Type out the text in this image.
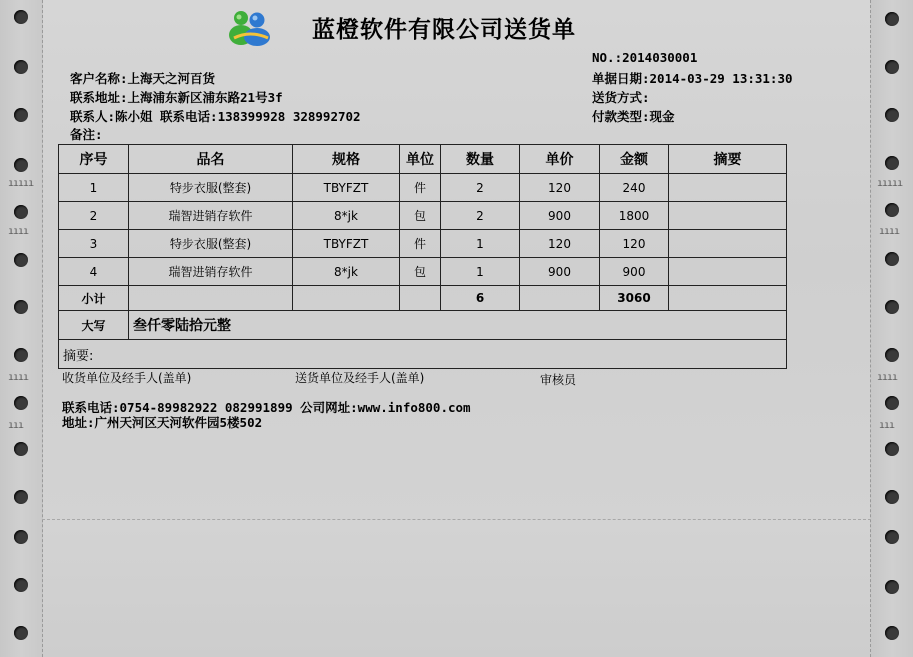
ııııı
ıııı
ıııı
ııı
ııııı
ıııı
ıııı
ııı
蓝橙软件有限公司送货单
NO.:2014030001
客户名称:上海天之河百货	单据日期:2014-03-29 13:31:30
联系地址:上海浦东新区浦东路21号3f	送货方式:
联系人:陈小姐 联系电话:138399928 328992702	付款类型:现金
备注:
序号	品名	规格	单位	数量	单价	金额	摘要
1	特步衣服(整套)	TBYFZT	件	2	120	240	
2	瑞智进销存软件	8*jk	包	2	900	1800	
3	特步衣服(整套)	TBYFZT	件	1	120	120	
4	瑞智进销存软件	8*jk	包	1	900	900	
小计				6		3060	
大写	叁仟零陆拾元整						
摘要:							
收货单位及经手人(盖单)	送货单位及经手人(盖单)	审核员
联系电话:0754-89982922 082991899 公司网址:www.info800.com
地址:广州天河区天河软件园5楼502
